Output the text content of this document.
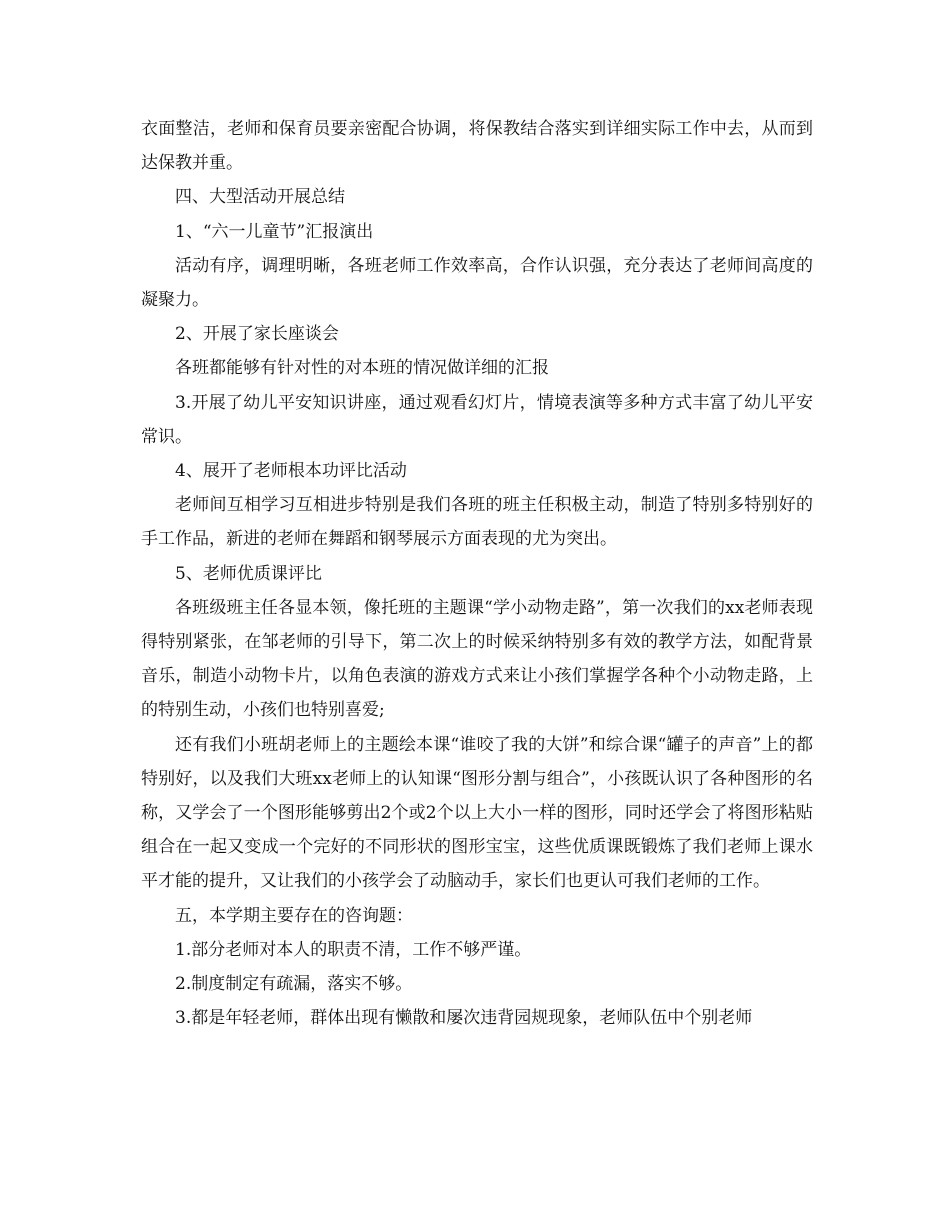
衣面整洁，老师和保育员要亲密配合协调，将保教结合落实到详细实际工作中去，从而到达保教并重。

四、大型活动开展总结

1、“六一儿童节”汇报演出

活动有序，调理明晰，各班老师工作效率高，合作认识强，充分表达了老师间高度的凝聚力。

2、开展了家长座谈会

各班都能够有针对性的对本班的情况做详细的汇报

3.开展了幼儿平安知识讲座，通过观看幻灯片，情境表演等多种方式丰富了幼儿平安常识。

4、展开了老师根本功评比活动

老师间互相学习互相进步特别是我们各班的班主任积极主动，制造了特别多特别好的手工作品，新进的老师在舞蹈和钢琴展示方面表现的尤为突出。

5、老师优质课评比

各班级班主任各显本领，像托班的主题课“学小动物走路”，第一次我们的xx老师表现得特别紧张，在邹老师的引导下，第二次上的时候采纳特别多有效的教学方法，如配背景音乐，制造小动物卡片，以角色表演的游戏方式来让小孩们掌握学各种个小动物走路，上的特别生动，小孩们也特别喜爱;

还有我们小班胡老师上的主题绘本课“谁咬了我的大饼”和综合课“罐子的声音”上的都特别好，以及我们大班xx老师上的认知课“图形分割与组合”，小孩既认识了各种图形的名称，又学会了一个图形能够剪出2个或2个以上大小一样的图形，同时还学会了将图形粘贴组合在一起又变成一个完好的不同形状的图形宝宝，这些优质课既锻炼了我们老师上课水平才能的提升，又让我们的小孩学会了动脑动手，家长们也更认可我们老师的工作。

五，本学期主要存在的咨询题：

1.部分老师对本人的职责不清，工作不够严谨。

2.制度制定有疏漏，落实不够。

3.都是年轻老师，群体出现有懒散和屡次违背园规现象，老师队伍中个别老师
